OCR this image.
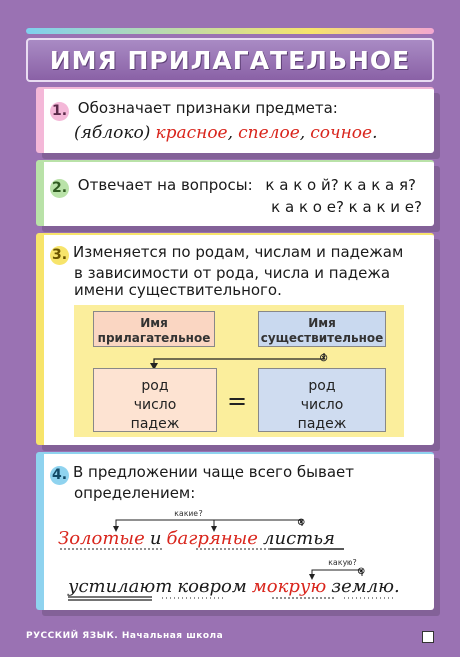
ИМЯ ПРИЛАГАТЕЛЬНОЕ
1. Обозначает признаки предмета:
(яблоко) красное, спелое, сочное.
2. Отвечает на вопросы: к а к о й? к а к а я?
к а к о е? к а к и е?
3. Изменяется по родам, числам и падежам
в зависимости от рода, числа и падежа
имени существительного.
Имя
прилагательное
Имя
существительное
⊗
род
число
падеж
=
род
число
падеж
4. В предложении чаще всего бывает
определением:
какие?
⊗
Золотые и багряные листья
какую?
⊗
устилают ковром мокрую землю.
РУССКИЙ ЯЗЫК. Начальная школа
